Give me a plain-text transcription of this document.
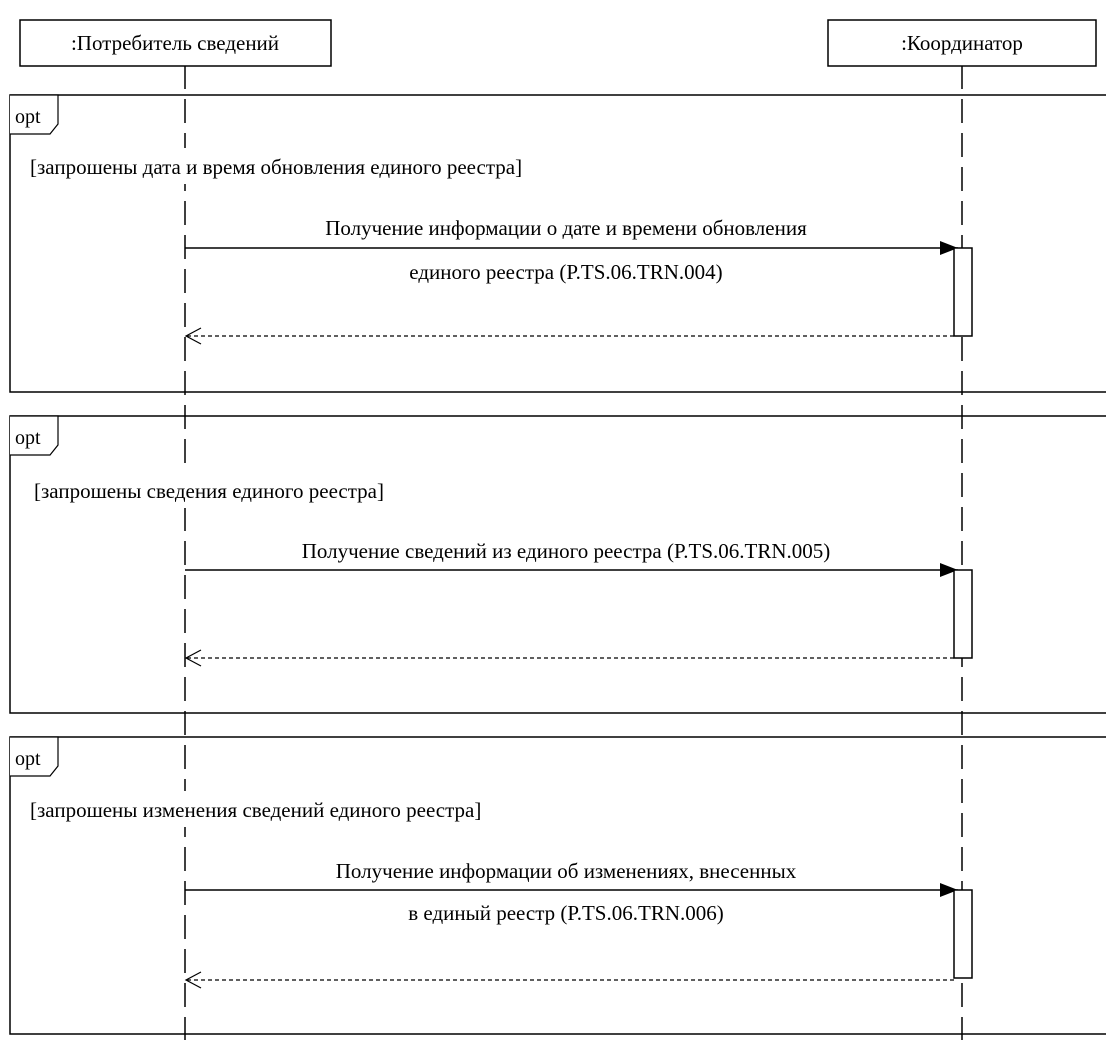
:Потребитель сведений	:Координатор
opt
[запрошены дата и время обновления единого реестра]
Получение информации о дате и времени обновления
единого реестра (P.TS.06.TRN.004)
opt
[запрошены сведения единого реестра]
Получение сведений из единого реестра (P.TS.06.TRN.005)
opt
[запрошены изменения сведений единого реестра]
Получение информации об изменениях, внесенных
в единый реестр (P.TS.06.TRN.006)
